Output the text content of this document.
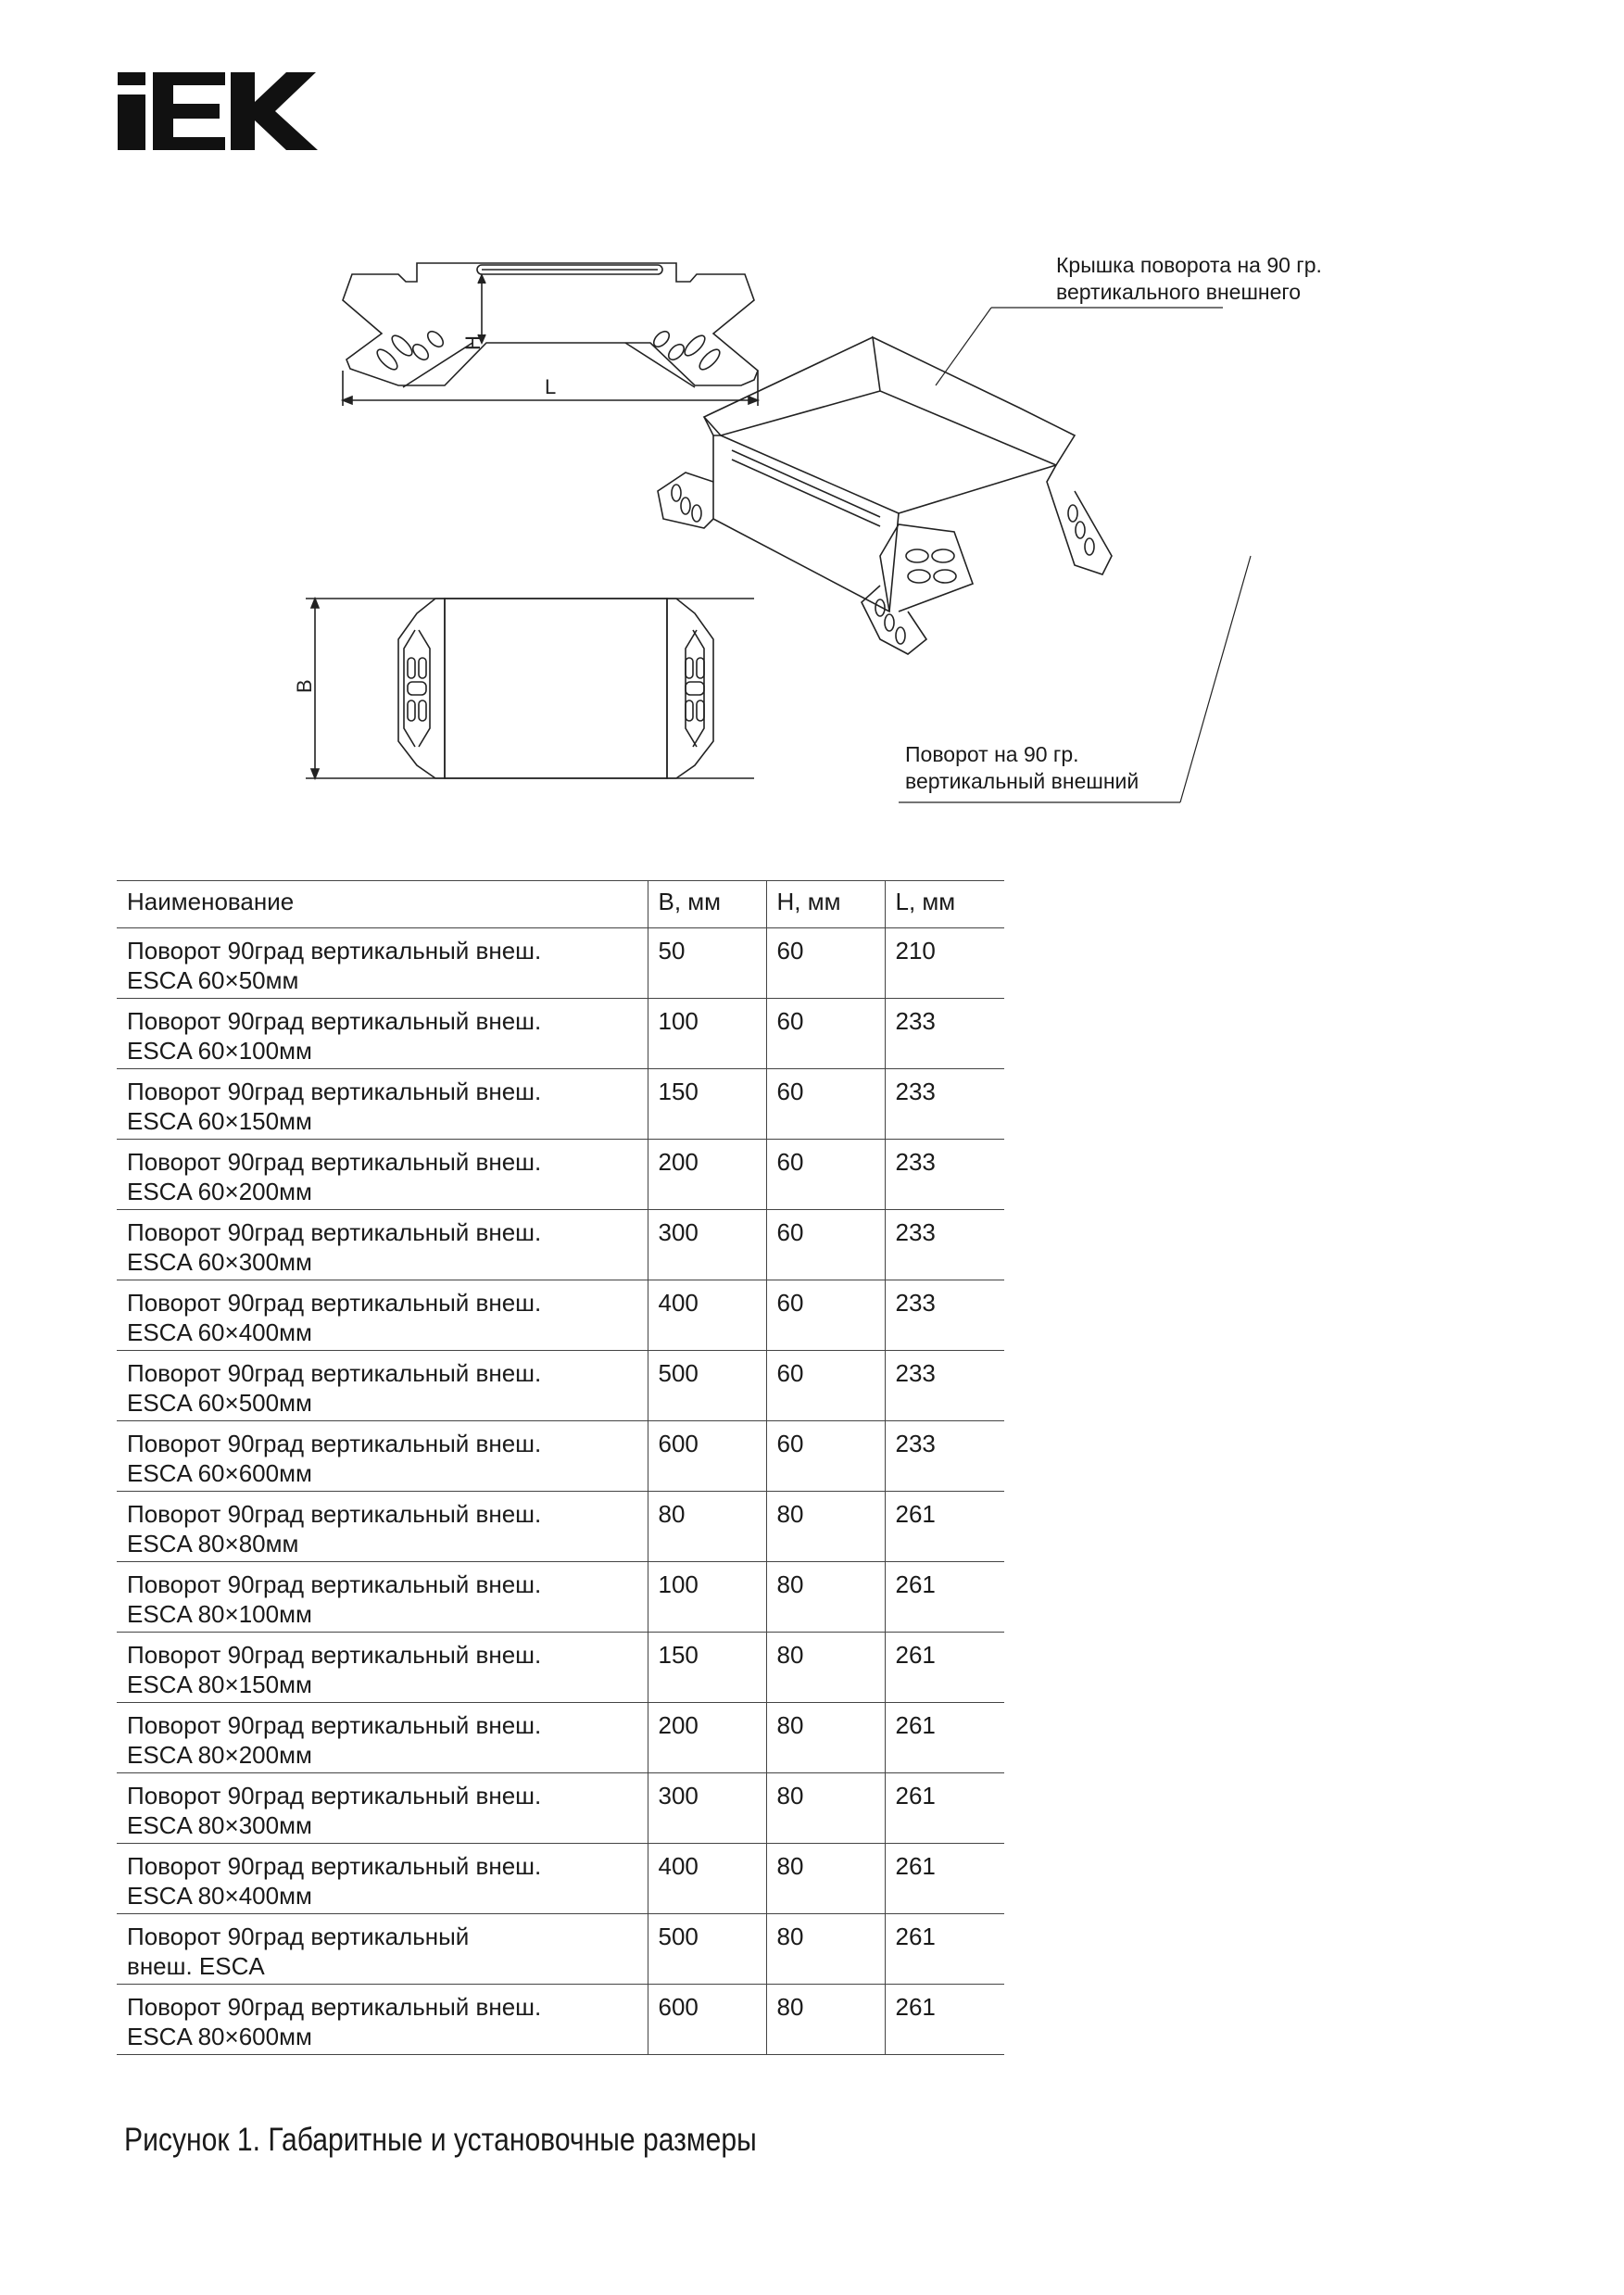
H
L
B
Крышка поворота на 90 гр.
вертикального внешнего
Поворот на 90 гр.
вертикальный внешний
Наименование	B, мм	H, мм	L, мм

Поворот 90град вертикальный внеш.
ESCA 60×50мм	50	60	210

Поворот 90град вертикальный внеш.
ESCA 60×100мм	100	60	233

Поворот 90град вертикальный внеш.
ESCA 60×150мм	150	60	233

Поворот 90град вертикальный внеш.
ESCA 60×200мм	200	60	233

Поворот 90град вертикальный внеш.
ESCA 60×300мм	300	60	233

Поворот 90град вертикальный внеш.
ESCA 60×400мм	400	60	233

Поворот 90град вертикальный внеш.
ESCA 60×500мм	500	60	233

Поворот 90град вертикальный внеш.
ESCA 60×600мм	600	60	233

Поворот 90град вертикальный внеш.
ESCA 80×80мм	80	80	261

Поворот 90град вертикальный внеш.
ESCA 80×100мм	100	80	261

Поворот 90град вертикальный внеш.
ESCA 80×150мм	150	80	261

Поворот 90град вертикальный внеш.
ESCA 80×200мм	200	80	261

Поворот 90град вертикальный внеш.
ESCA 80×300мм	300	80	261

Поворот 90град вертикальный внеш.
ESCA 80×400мм	400	80	261

Поворот 90град вертикальный
внеш. ESCA	500	80	261

Поворот 90град вертикальный внеш.
ESCA 80×600мм	600	80	261
Рисунок 1. Габаритные и установочные размеры
